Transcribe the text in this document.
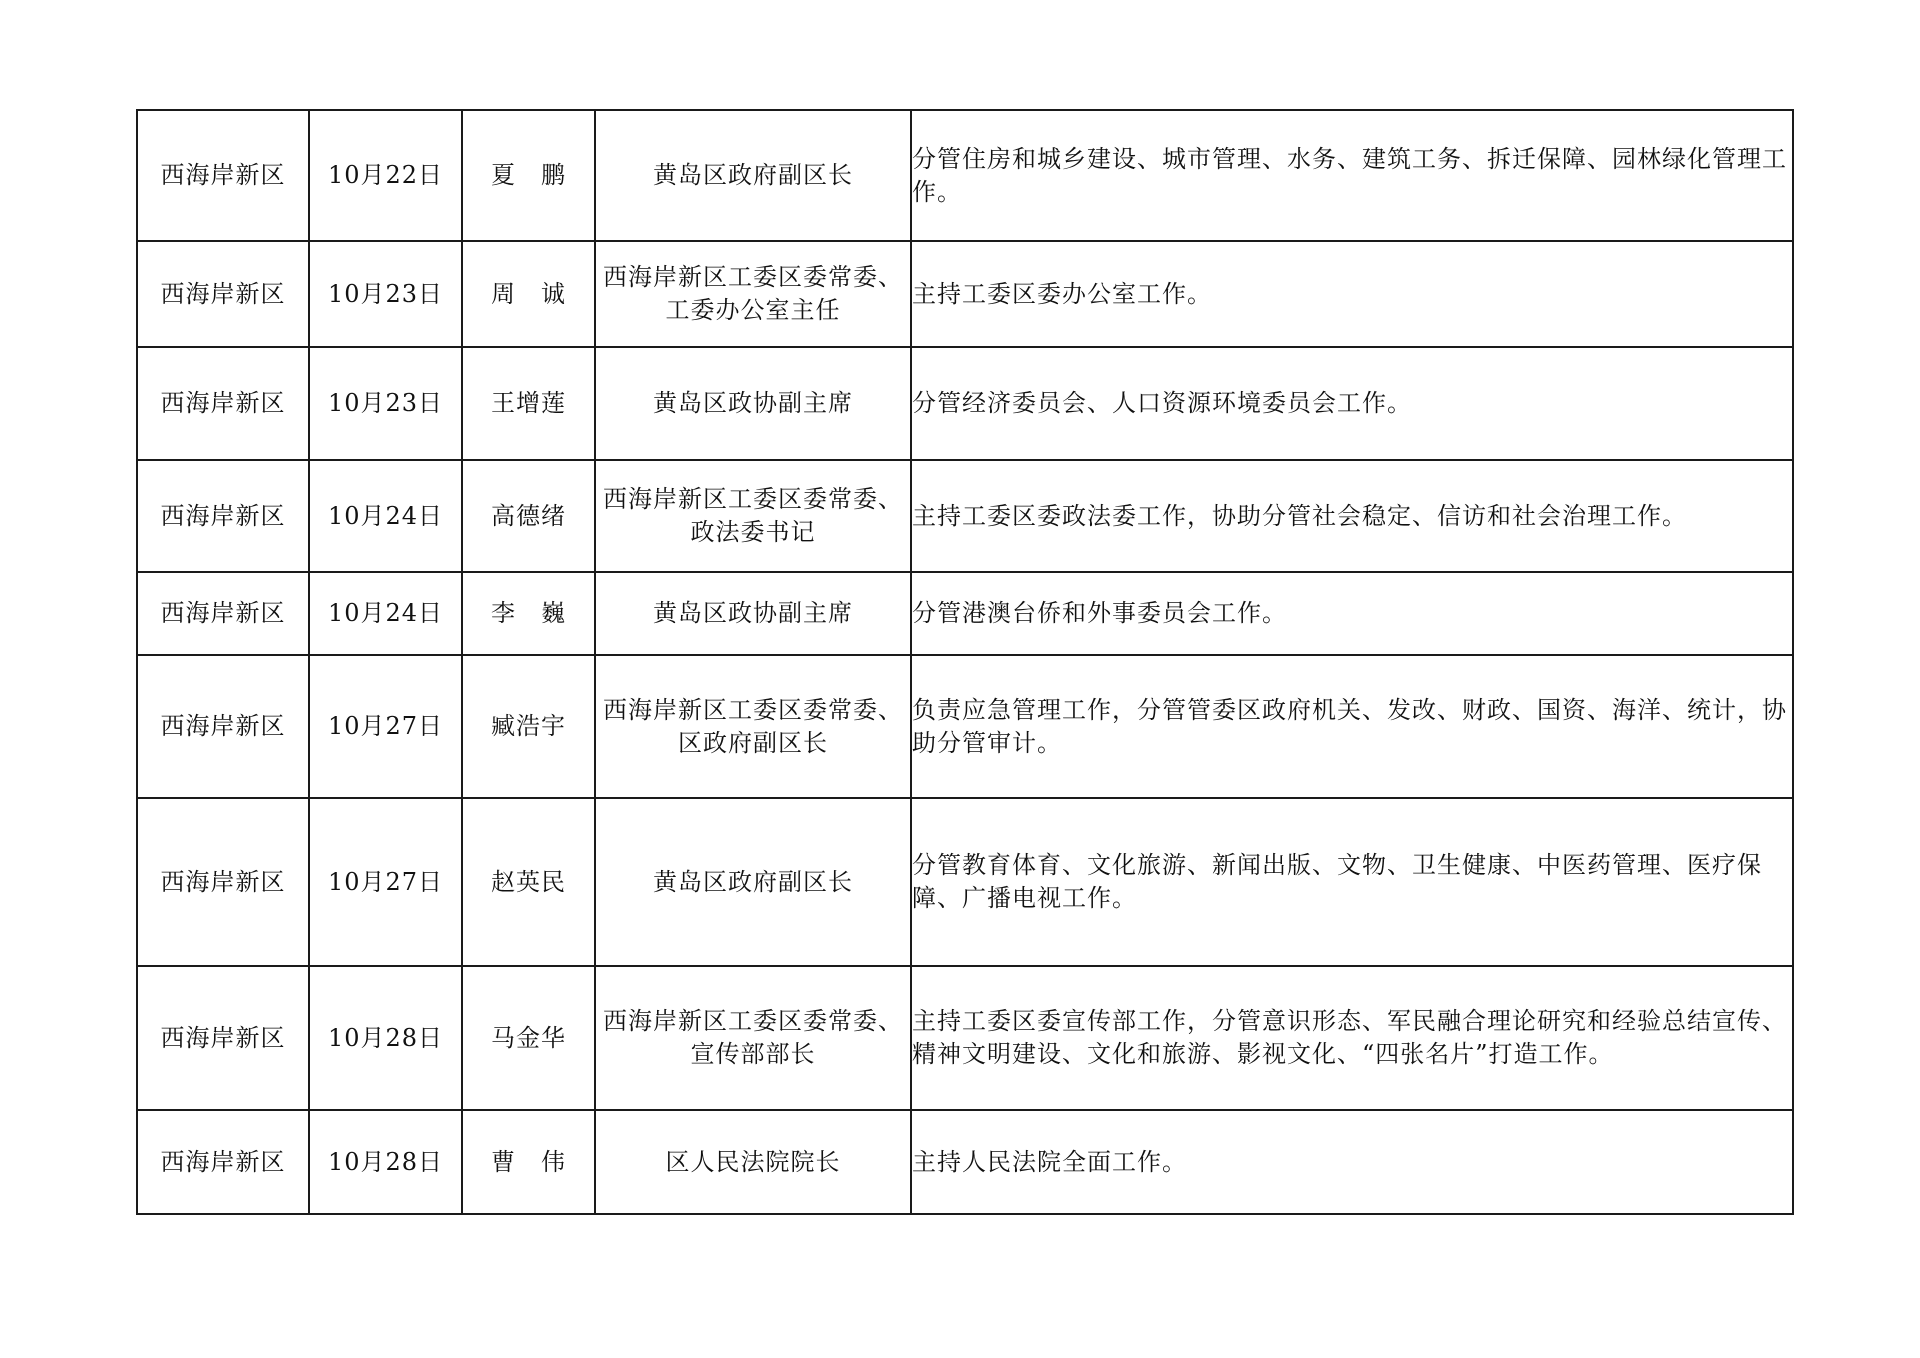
西海岸新区	10月22日	夏　鹏	黄岛区政府副区长	分管住房和城乡建设、城市管理、水务、建筑工务、拆迁保障、园林绿化管理工作。
西海岸新区	10月23日	周　诚	西海岸新区工委区委常委、工委办公室主任	主持工委区委办公室工作。
西海岸新区	10月23日	王增莲	黄岛区政协副主席	分管经济委员会、人口资源环境委员会工作。
西海岸新区	10月24日	高德绪	西海岸新区工委区委常委、政法委书记	主持工委区委政法委工作，协助分管社会稳定、信访和社会治理工作。
西海岸新区	10月24日	李　巍	黄岛区政协副主席	分管港澳台侨和外事委员会工作。
西海岸新区	10月27日	臧浩宇	西海岸新区工委区委常委、区政府副区长	负责应急管理工作，分管管委区政府机关、发改、财政、国资、海洋、统计，协助分管审计。
西海岸新区	10月27日	赵英民	黄岛区政府副区长	分管教育体育、文化旅游、新闻出版、文物、卫生健康、中医药管理、医疗保障、广播电视工作。
西海岸新区	10月28日	马金华	西海岸新区工委区委常委、宣传部部长	主持工委区委宣传部工作，分管意识形态、军民融合理论研究和经验总结宣传、精神文明建设、文化和旅游、影视文化、“四张名片”打造工作。
西海岸新区	10月28日	曹　伟	区人民法院院长	主持人民法院全面工作。
